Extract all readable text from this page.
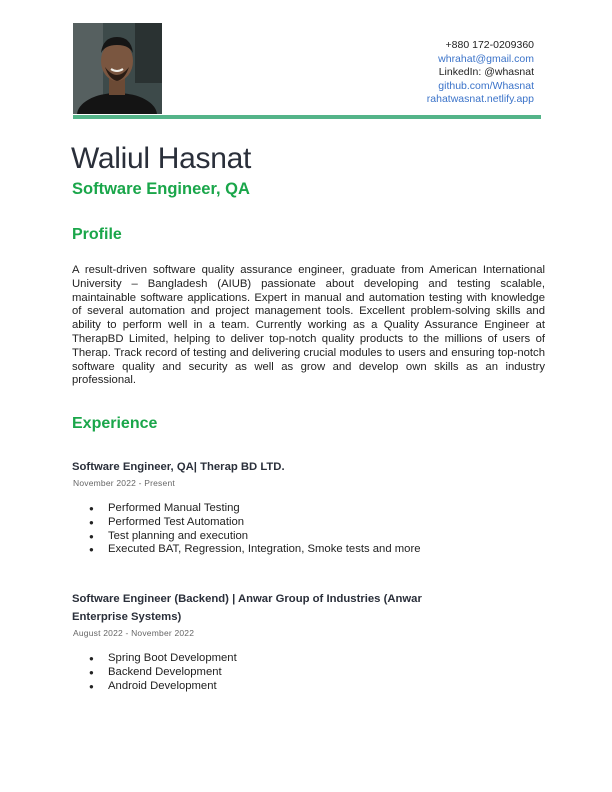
+880 172-0209360
whrahat@gmail.com
LinkedIn: @whasnat
github.com/Whasnat
rahatwasnat.netlify.app
Waliul Hasnat
Software Engineer, QA
Profile

A result-driven software quality assurance engineer, graduate from American International University – Bangladesh (AIUB) passionate about developing and testing scalable, maintainable software applications. Expert in manual and automation testing with knowledge of several automation and project management tools. Excellent problem-solving skills and ability to perform well in a team. Currently working as a Quality Assurance Engineer at TherapBD Limited, helping to deliver top-notch quality products to the millions of users of Therap. Track record of testing and delivering crucial modules to users and ensuring top-notch software quality and security as well as grow and develop own skills as an industry professional.

Experience

Software Engineer, QA| Therap BD LTD.

November 2022 - Present

● Performed Manual Testing
● Performed Test Automation
● Test planning and execution
● Executed BAT, Regression, Integration, Smoke tests and more

Software Engineer (Backend) | Anwar Group of Industries (Anwar

Enterprise Systems)

August 2022 - November 2022

● Spring Boot Development
● Backend Development
● Android Development
